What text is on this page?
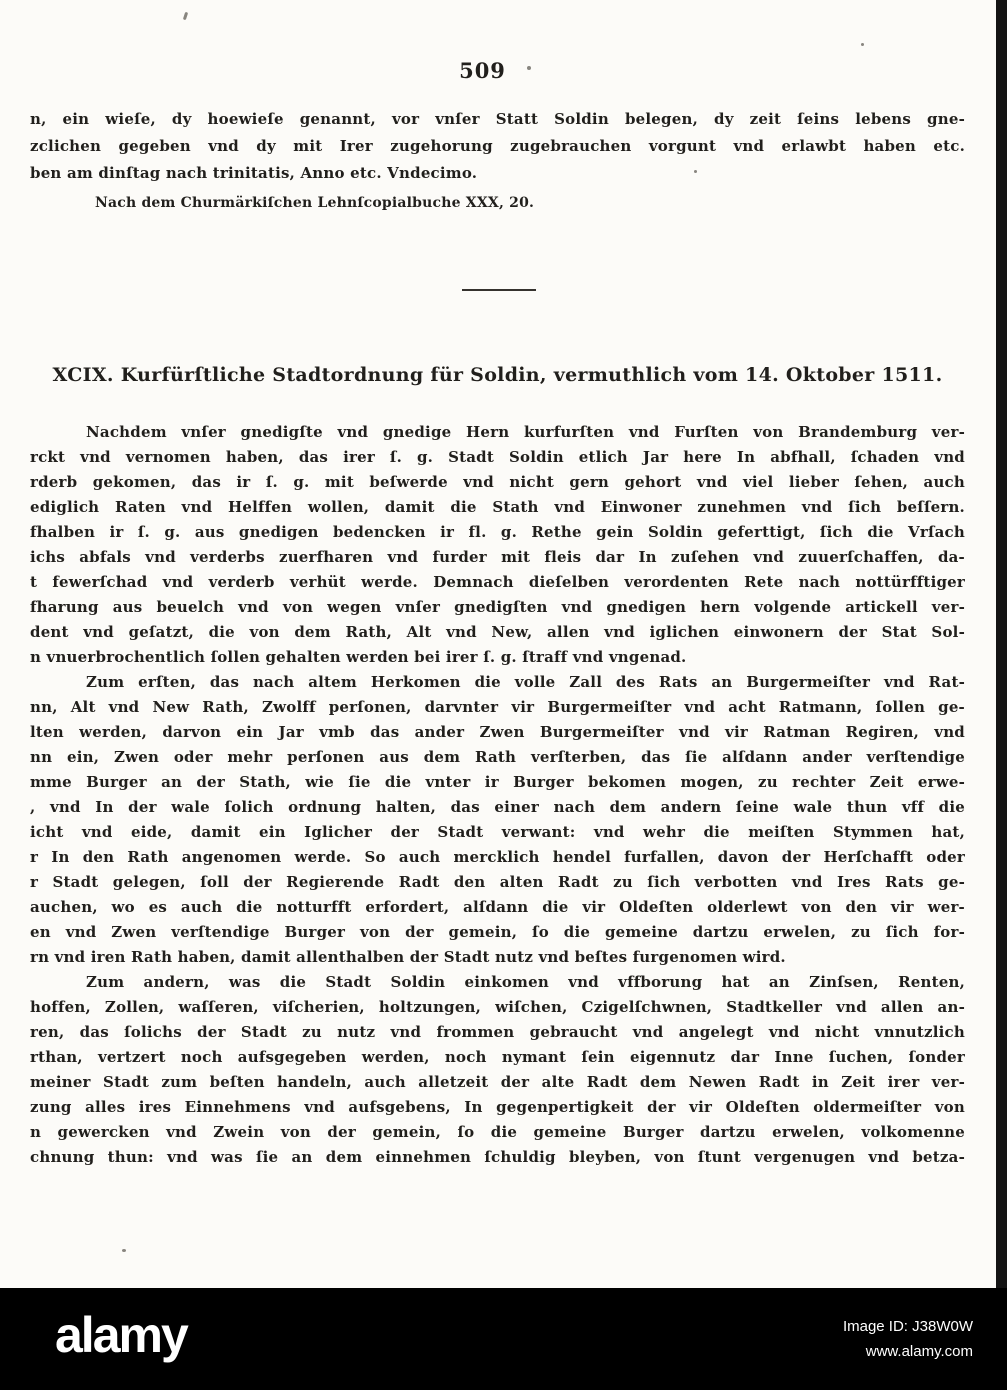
509
n, ein wieſe, dy hoewieſe genannt, vor vnſer Statt Soldin belegen, dy zeit ſeins lebens gne-
zclichen gegeben vnd dy mit Irer zugehorung zugebrauchen vorgunt vnd erlawbt haben etc.
ben am dinſtag nach trinitatis, Anno etc. Vndecimo.
Nach dem Churmärkiſchen Lehnſcopialbuche XXX, 20.
XCIX. Kurfürſtliche Stadtordnung für Soldin, vermuthlich vom 14. Oktober 1511.
Nachdem vnſer gnedigſte vnd gnedige Hern kurfurſten vnd Furſten von Brandemburg ver-
rckt vnd vernomen haben, das irer ſ. g. Stadt Soldin etlich Jar here In abfhall, ſchaden vnd
rderb gekomen, das ir ſ. g. mit beſwerde vnd nicht gern gehort vnd viel lieber ſehen, auch
ediglich Raten vnd Helffen wollen, damit die Stath vnd Einwoner zunehmen vnd ſich beſſern.
fhalben ir ſ. g. aus gnedigen bedencken ir fl. g. Rethe gein Soldin geferttigt, ſich die Vrſach
ichs abfals vnd verderbs zuerfharen vnd furder mit fleis dar In zuſehen vnd zuuerſchaffen, da-
t fewerſchad vnd verderb verhüt werde. Demnach dieſelben verordenten Rete nach nottürfftiger
fharung aus beuelch vnd von wegen vnſer gnedigſten vnd gnedigen hern volgende artickell ver-
dent vnd geſatzt, die von dem Rath, Alt vnd New, allen vnd iglichen einwonern der Stat Sol-
n vnuerbrochentlich ſollen gehalten werden bei irer ſ. g. ſtraff vnd vngenad.
Zum erſten, das nach altem Herkomen die volle Zall des Rats an Burgermeiſter vnd Rat-
nn, Alt vnd New Rath, Zwolff perſonen, darvnter vir Burgermeiſter vnd acht Ratmann, ſollen ge-
lten werden, darvon ein Jar vmb das ander Zwen Burgermeiſter vnd vir Ratman Regiren, vnd
nn ein, Zwen oder mehr perſonen aus dem Rath verſterben, das ſie alſdann ander verſtendige
mme Burger an der Stath, wie ſie die vnter ir Burger bekomen mogen, zu rechter Zeit erwe-
, vnd In der wale ſolich ordnung halten, das einer nach dem andern ſeine wale thun vff die
icht vnd eide, damit ein Iglicher der Stadt verwant: vnd wehr die meiſten Stymmen hat,
r In den Rath angenomen werde. So auch mercklich hendel furfallen, davon der Herſchafft oder
r Stadt gelegen, ſoll der Regierende Radt den alten Radt zu ſich verbotten vnd Ires Rats ge-
auchen, wo es auch die notturfft erfordert, alſdann die vir Oldeſten olderlewt von den vir wer-
en vnd Zwen verſtendige Burger von der gemein, ſo die gemeine dartzu erwelen, zu ſich for-
rn vnd iren Rath haben, damit allenthalben der Stadt nutz vnd beſtes furgenomen wird.
Zum andern, was die Stadt Soldin einkomen vnd vffborung hat an Zinſsen, Renten,
hoffen, Zollen, waſſeren, viſcherien, holtzungen, wiſchen, Czigelſchwnen, Stadtkeller vnd allen an-
ren, das ſolichs der Stadt zu nutz vnd frommen gebraucht vnd angelegt vnd nicht vnnutzlich
rthan, vertzert noch aufsgegeben werden, noch nymant ſein eigennutz dar Inne ſuchen, ſonder
meiner Stadt zum beſten handeln, auch alletzeit der alte Radt dem Newen Radt in Zeit irer ver-
zung alles ires Einnehmens vnd aufsgebens, In gegenpertigkeit der vir Oldeſten oldermeiſter von
n gewercken vnd Zwein von der gemein, ſo die gemeine Burger dartzu erwelen, volkomenne
chnung thun: vnd was ſie an dem einnehmen ſchuldig bleyben, von ſtunt vergenugen vnd betza-
alamy	Image ID: J38W0W
www.alamy.com
